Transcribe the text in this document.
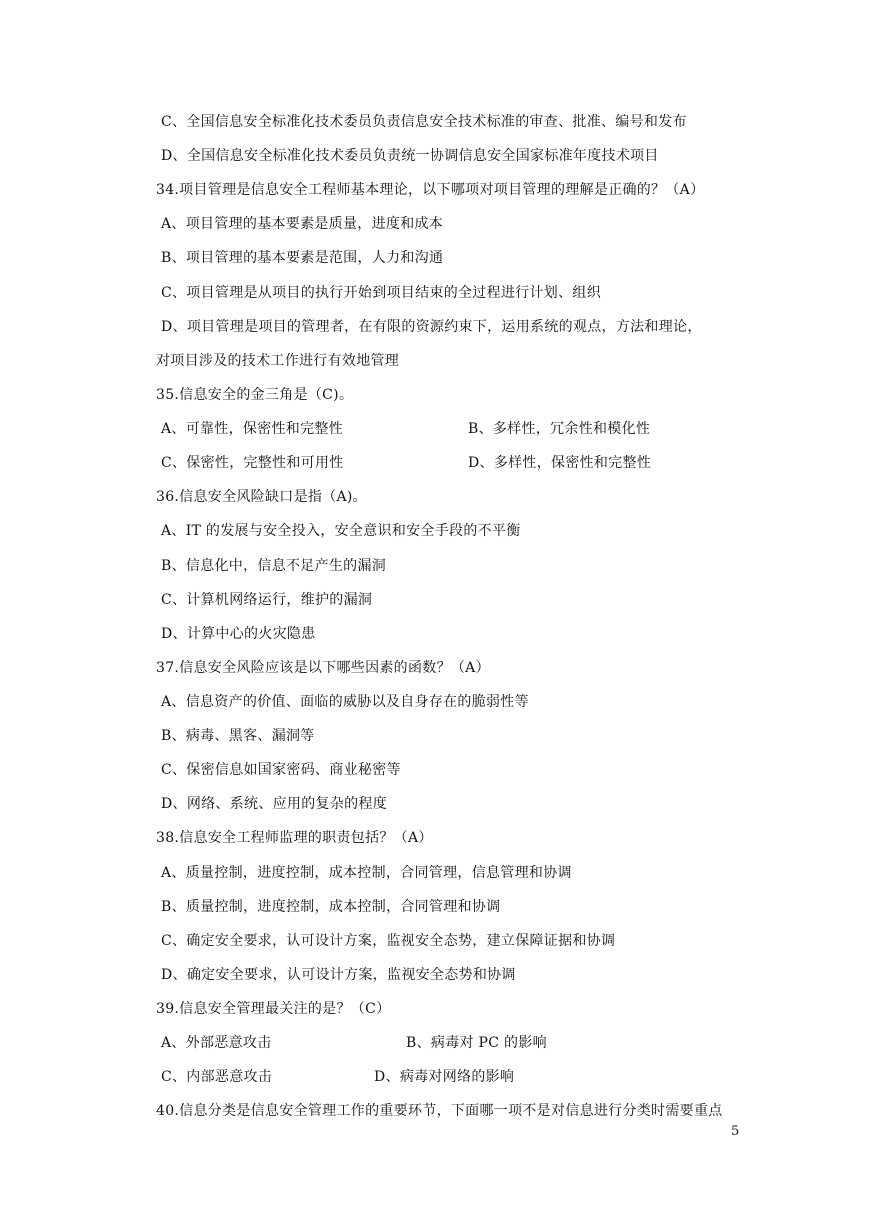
C、全国信息安全标准化技术委员负责信息安全技术标准的审查、批准、编号和发布
D、全国信息安全标准化技术委员负责统一协调信息安全国家标准年度技术项目
34.项目管理是信息安全工程师基本理论，以下哪项对项目管理的理解是正确的？（A）
A、项目管理的基本要素是质量，进度和成本
B、项目管理的基本要素是范围，人力和沟通
C、项目管理是从项目的执行开始到项目结束的全过程进行计划、组织
D、项目管理是项目的管理者，在有限的资源约束下，运用系统的观点，方法和理论，
对项目涉及的技术工作进行有效地管理
35.信息安全的金三角是（C)。
A、可靠性，保密性和完整性	B、多样性，冗余性和模化性
C、保密性，完整性和可用性	D、多样性，保密性和完整性
36.信息安全风险缺口是指（A)。
A、IT 的发展与安全投入，安全意识和安全手段的不平衡
B、信息化中，信息不足产生的漏洞
C、计算机网络运行，维护的漏洞
D、计算中心的火灾隐患
37.信息安全风险应该是以下哪些因素的函数？（A）
A、信息资产的价值、面临的威胁以及自身存在的脆弱性等
B、病毒、黑客、漏洞等
C、保密信息如国家密码、商业秘密等
D、网络、系统、应用的复杂的程度
38.信息安全工程师监理的职责包括？（A）
A、质量控制，进度控制，成本控制，合同管理，信息管理和协调
B、质量控制，进度控制，成本控制，合同管理和协调
C、确定安全要求，认可设计方案，监视安全态势，建立保障证据和协调
D、确定安全要求，认可设计方案，监视安全态势和协调
39.信息安全管理最关注的是？（C）
A、外部恶意攻击	B、病毒对 PC 的影响
C、内部恶意攻击	D、病毒对网络的影响
40.信息分类是信息安全管理工作的重要环节，下面哪一项不是对信息进行分类时需要重点
5
